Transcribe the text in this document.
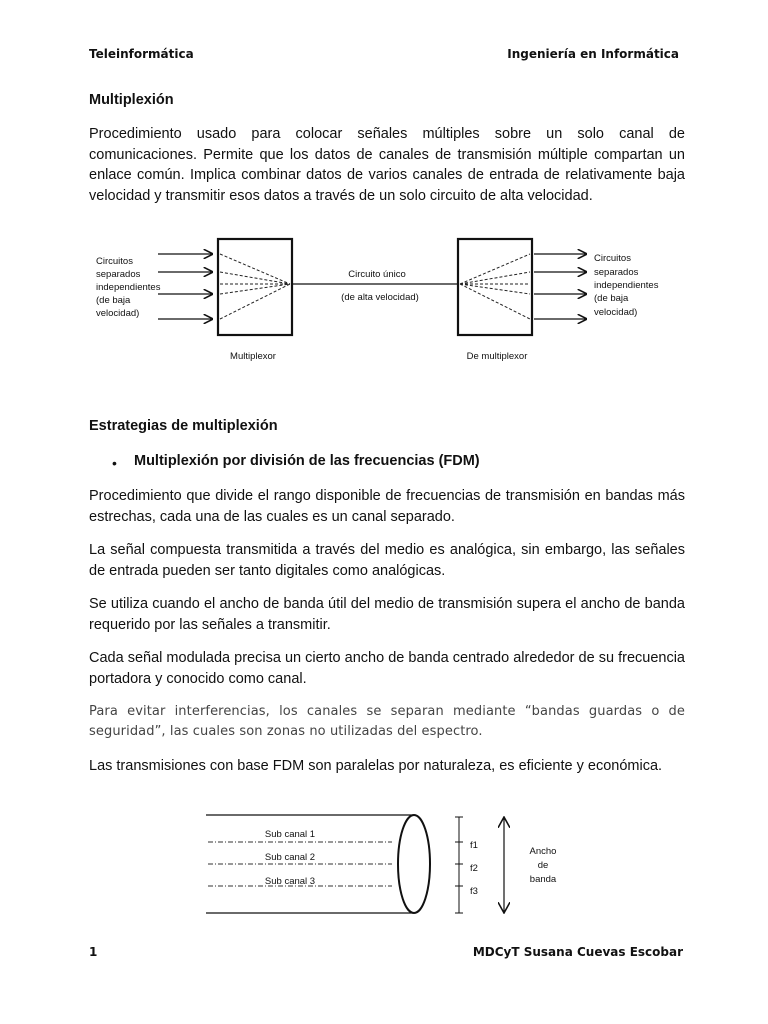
Teleinformática	Ingeniería en Informática
Multiplexión
Procedimiento usado para colocar señales múltiples sobre un solo canal de comunicaciones. Permite que los datos de canales de transmisión múltiple compartan un enlace común. Implica combinar datos de varios canales de entrada de relativamente baja velocidad y transmitir esos datos a través de un solo circuito de alta velocidad.
Circuitos
separados
independientes
(de baja
velocidad)
Circuito único
(de alta velocidad)
Circuitos
separados
independientes
(de baja
velocidad)
Multiplexor	De multiplexor
Estrategias de multiplexión
• Multiplexión por división de las frecuencias (FDM)
Procedimiento que divide el rango disponible de frecuencias de transmisión en bandas más estrechas, cada una de las cuales es un canal separado.
La señal compuesta transmitida a través del medio es analógica, sin embargo, las señales de entrada pueden ser tanto digitales como analógicas.
Se utiliza cuando el ancho de banda útil del medio de transmisión supera el ancho de banda requerido por las señales a transmitir.
Cada señal modulada precisa un cierto ancho de banda centrado alrededor de su frecuencia portadora y conocido como canal.
Para evitar interferencias, los canales se separan mediante “bandas guardas o de seguridad”, las cuales son zonas no utilizadas del espectro.
Las transmisiones con base FDM son paralelas por naturaleza, es eficiente y económica.
Sub canal 1
Sub canal 2
Sub canal 3
f1
f2
f3
Ancho
de
banda
1	MDCyT Susana Cuevas Escobar
